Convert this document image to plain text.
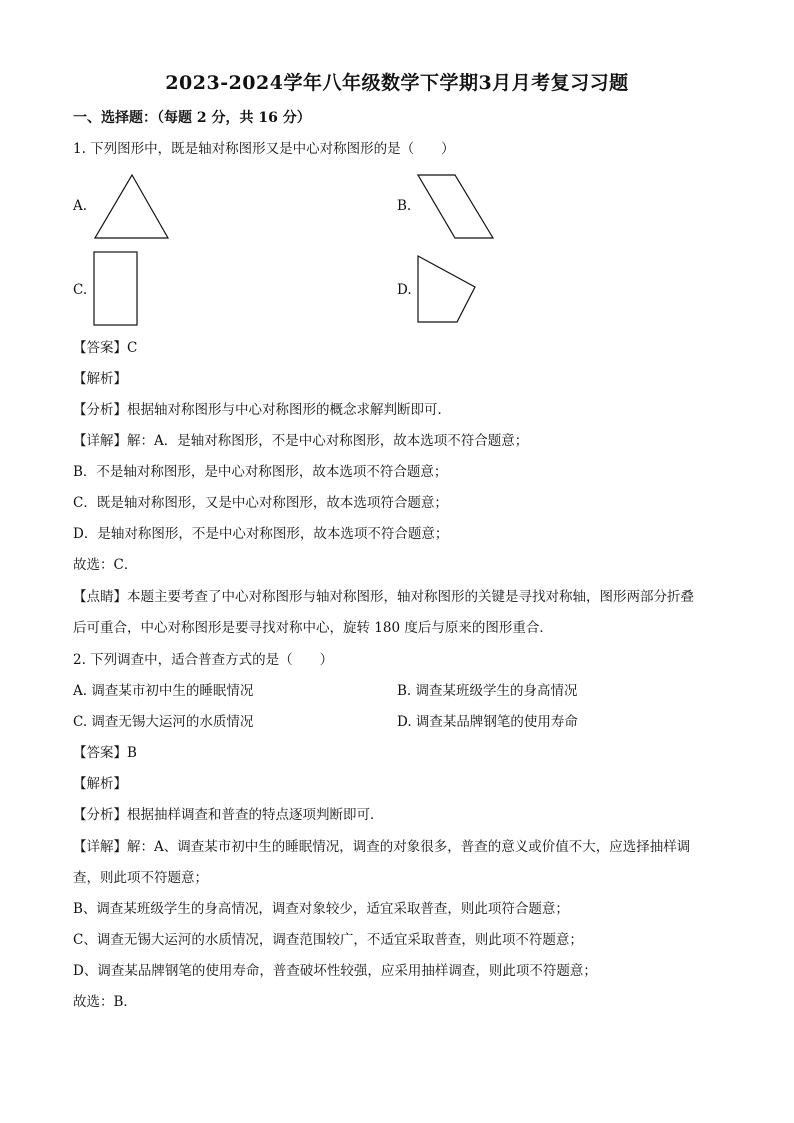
2023-2024学年八年级数学下学期3月月考复习习题
一、选择题：（每题 2 分，共 16 分）
1. 下列图形中，既是轴对称图形又是中心对称图形的是（　　）
A.	B.
C.	D.
【答案】C
【解析】
【分析】根据轴对称图形与中心对称图形的概念求解判断即可．
【详解】解：A．是轴对称图形，不是中心对称图形，故本选项不符合题意；
B．不是轴对称图形，是中心对称图形，故本选项不符合题意；
C．既是轴对称图形，又是中心对称图形，故本选项符合题意；
D．是轴对称图形，不是中心对称图形，故本选项不符合题意；
故选：C．
【点睛】本题主要考查了中心对称图形与轴对称图形，轴对称图形的关键是寻找对称轴，图形两部分折叠
后可重合，中心对称图形是要寻找对称中心，旋转 180 度后与原来的图形重合．
2. 下列调查中，适合普查方式的是（　　）
A. 调查某市初中生的睡眠情况	B. 调查某班级学生的身高情况
C. 调查无锡大运河的水质情况	D. 调查某品牌钢笔的使用寿命
【答案】B
【解析】
【分析】根据抽样调查和普查的特点逐项判断即可．
【详解】解：A、调查某市初中生的睡眠情况，调查的对象很多，普查的意义或价值不大，应选择抽样调
查，则此项不符题意；
B、调查某班级学生的身高情况，调查对象较少，适宜采取普查，则此项符合题意；
C、调查无锡大运河的水质情况，调查范围较广，不适宜采取普查，则此项不符题意；
D、调查某品牌钢笔的使用寿命，普查破坏性较强，应采用抽样调查，则此项不符题意；
故选：B．
